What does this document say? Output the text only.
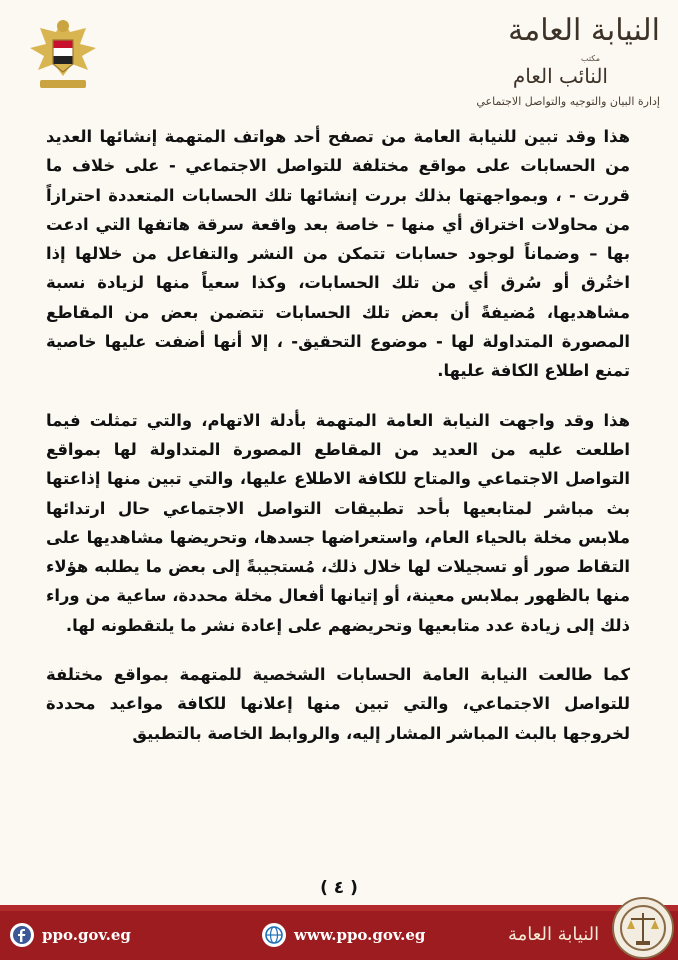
النيابة العامة
مكتب
النائب العام
إدارة البيان والتوجيه والتواصل الاجتماعي

هذا وقد تبين للنيابة العامة من تصفح أحد هواتف المتهمة إنشائها العديد من الحسابات على مواقع مختلفة للتواصل الاجتماعي - على خلاف ما قررت - ، وبمواجهتها بذلك بررت إنشائها تلك الحسابات المتعددة احترازاً من محاولات اختراق أي منها – خاصة بعد واقعة سرقة هاتفها التي ادعت بها – وضماناً لوجود حسابات تتمكن من النشر والتفاعل من خلالها إذا اختُرق أو سُرق أي من تلك الحسابات، وكذا سعياً منها لزيادة نسبة مشاهديها، مُضيفةً أن بعض تلك الحسابات تتضمن بعض من المقاطع المصورة المتداولة لها - موضوع التحقيق- ، إلا أنها أضفت عليها خاصية تمنع اطلاع الكافة عليها.

هذا وقد واجهت النيابة العامة المتهمة بأدلة الاتهام، والتي تمثلت فيما اطلعت عليه من العديد من المقاطع المصورة المتداولة لها بمواقع التواصل الاجتماعي والمتاح للكافة الاطلاع عليها، والتي تبين منها إذاعتها بث مباشر لمتابعيها بأحد تطبيقات التواصل الاجتماعي حال ارتدائها ملابس مخلة بالحياء العام، واستعراضها جسدها، وتحريضها مشاهديها على التقاط صور أو تسجيلات لها خلال ذلك، مُستجيبةً إلى بعض ما يطلبه هؤلاء منها بالظهور بملابس معينة، أو إتيانها أفعال مخلة محددة، ساعية من وراء ذلك إلى زيادة عدد متابعيها وتحريضهم على إعادة نشر ما يلتقطونه لها.

كما طالعت النيابة العامة الحسابات الشخصية للمتهمة بمواقع مختلفة للتواصل الاجتماعي، والتي تبين منها إعلانها للكافة مواعيد محددة لخروجها بالبث المباشر المشار إليه، والروابط الخاصة بالتطبيق

( ٤ )
النيابة العامة
www.ppo.gov.eg
ppo.gov.eg
